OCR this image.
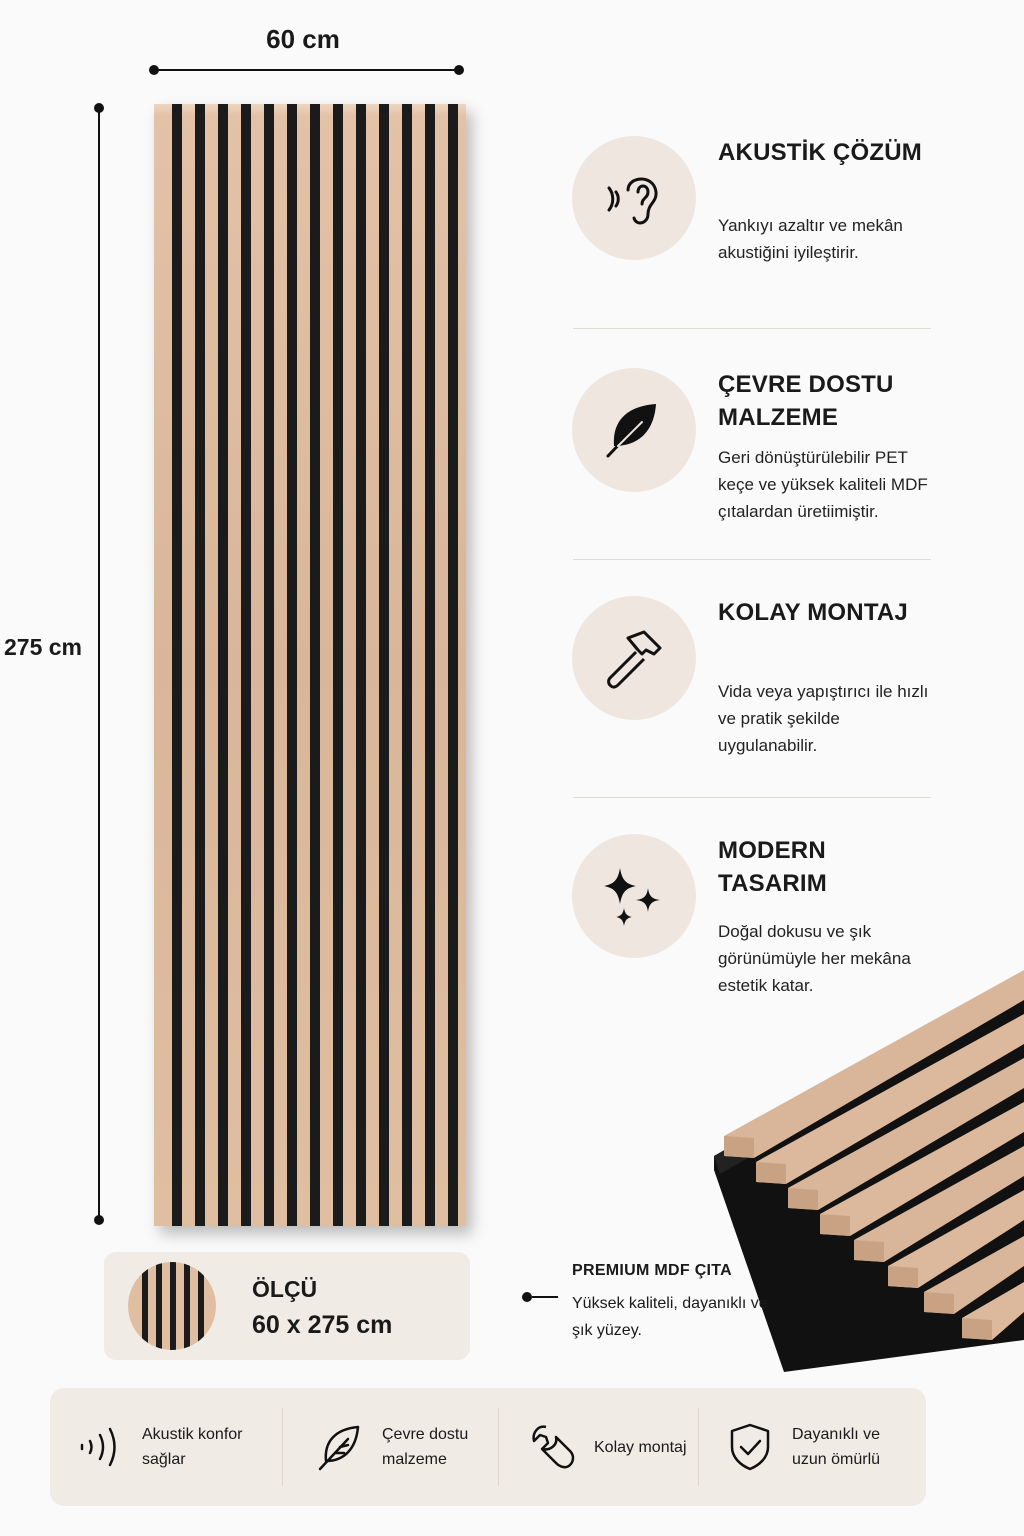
60 cm
275 cm
AKUSTİK ÇÖZÜM
Yankıyı azaltır ve mekân akustiğini iyileştirir.
ÇEVRE DOSTU MALZEME
Geri dönüştürülebilir PET keçe ve yüksek kaliteli MDF çıtalardan üretiimiştir.
KOLAY MONTAJ
Vida veya yapıştırıcı ile hızlı ve pratik şekilde uygulanabilir.
MODERN TASARIM
Doğal dokusu ve şık görünümüyle her mekâna estetik katar.
ÖLÇÜ
60 x 275 cm
PREMIUM MDF ÇITA
Yüksek kaliteli, dayanıklı ve şık yüzey.
Akustik konfor sağlar
Çevre dostu malzeme
Kolay montaj
Dayanıklı ve uzun ömürlü
